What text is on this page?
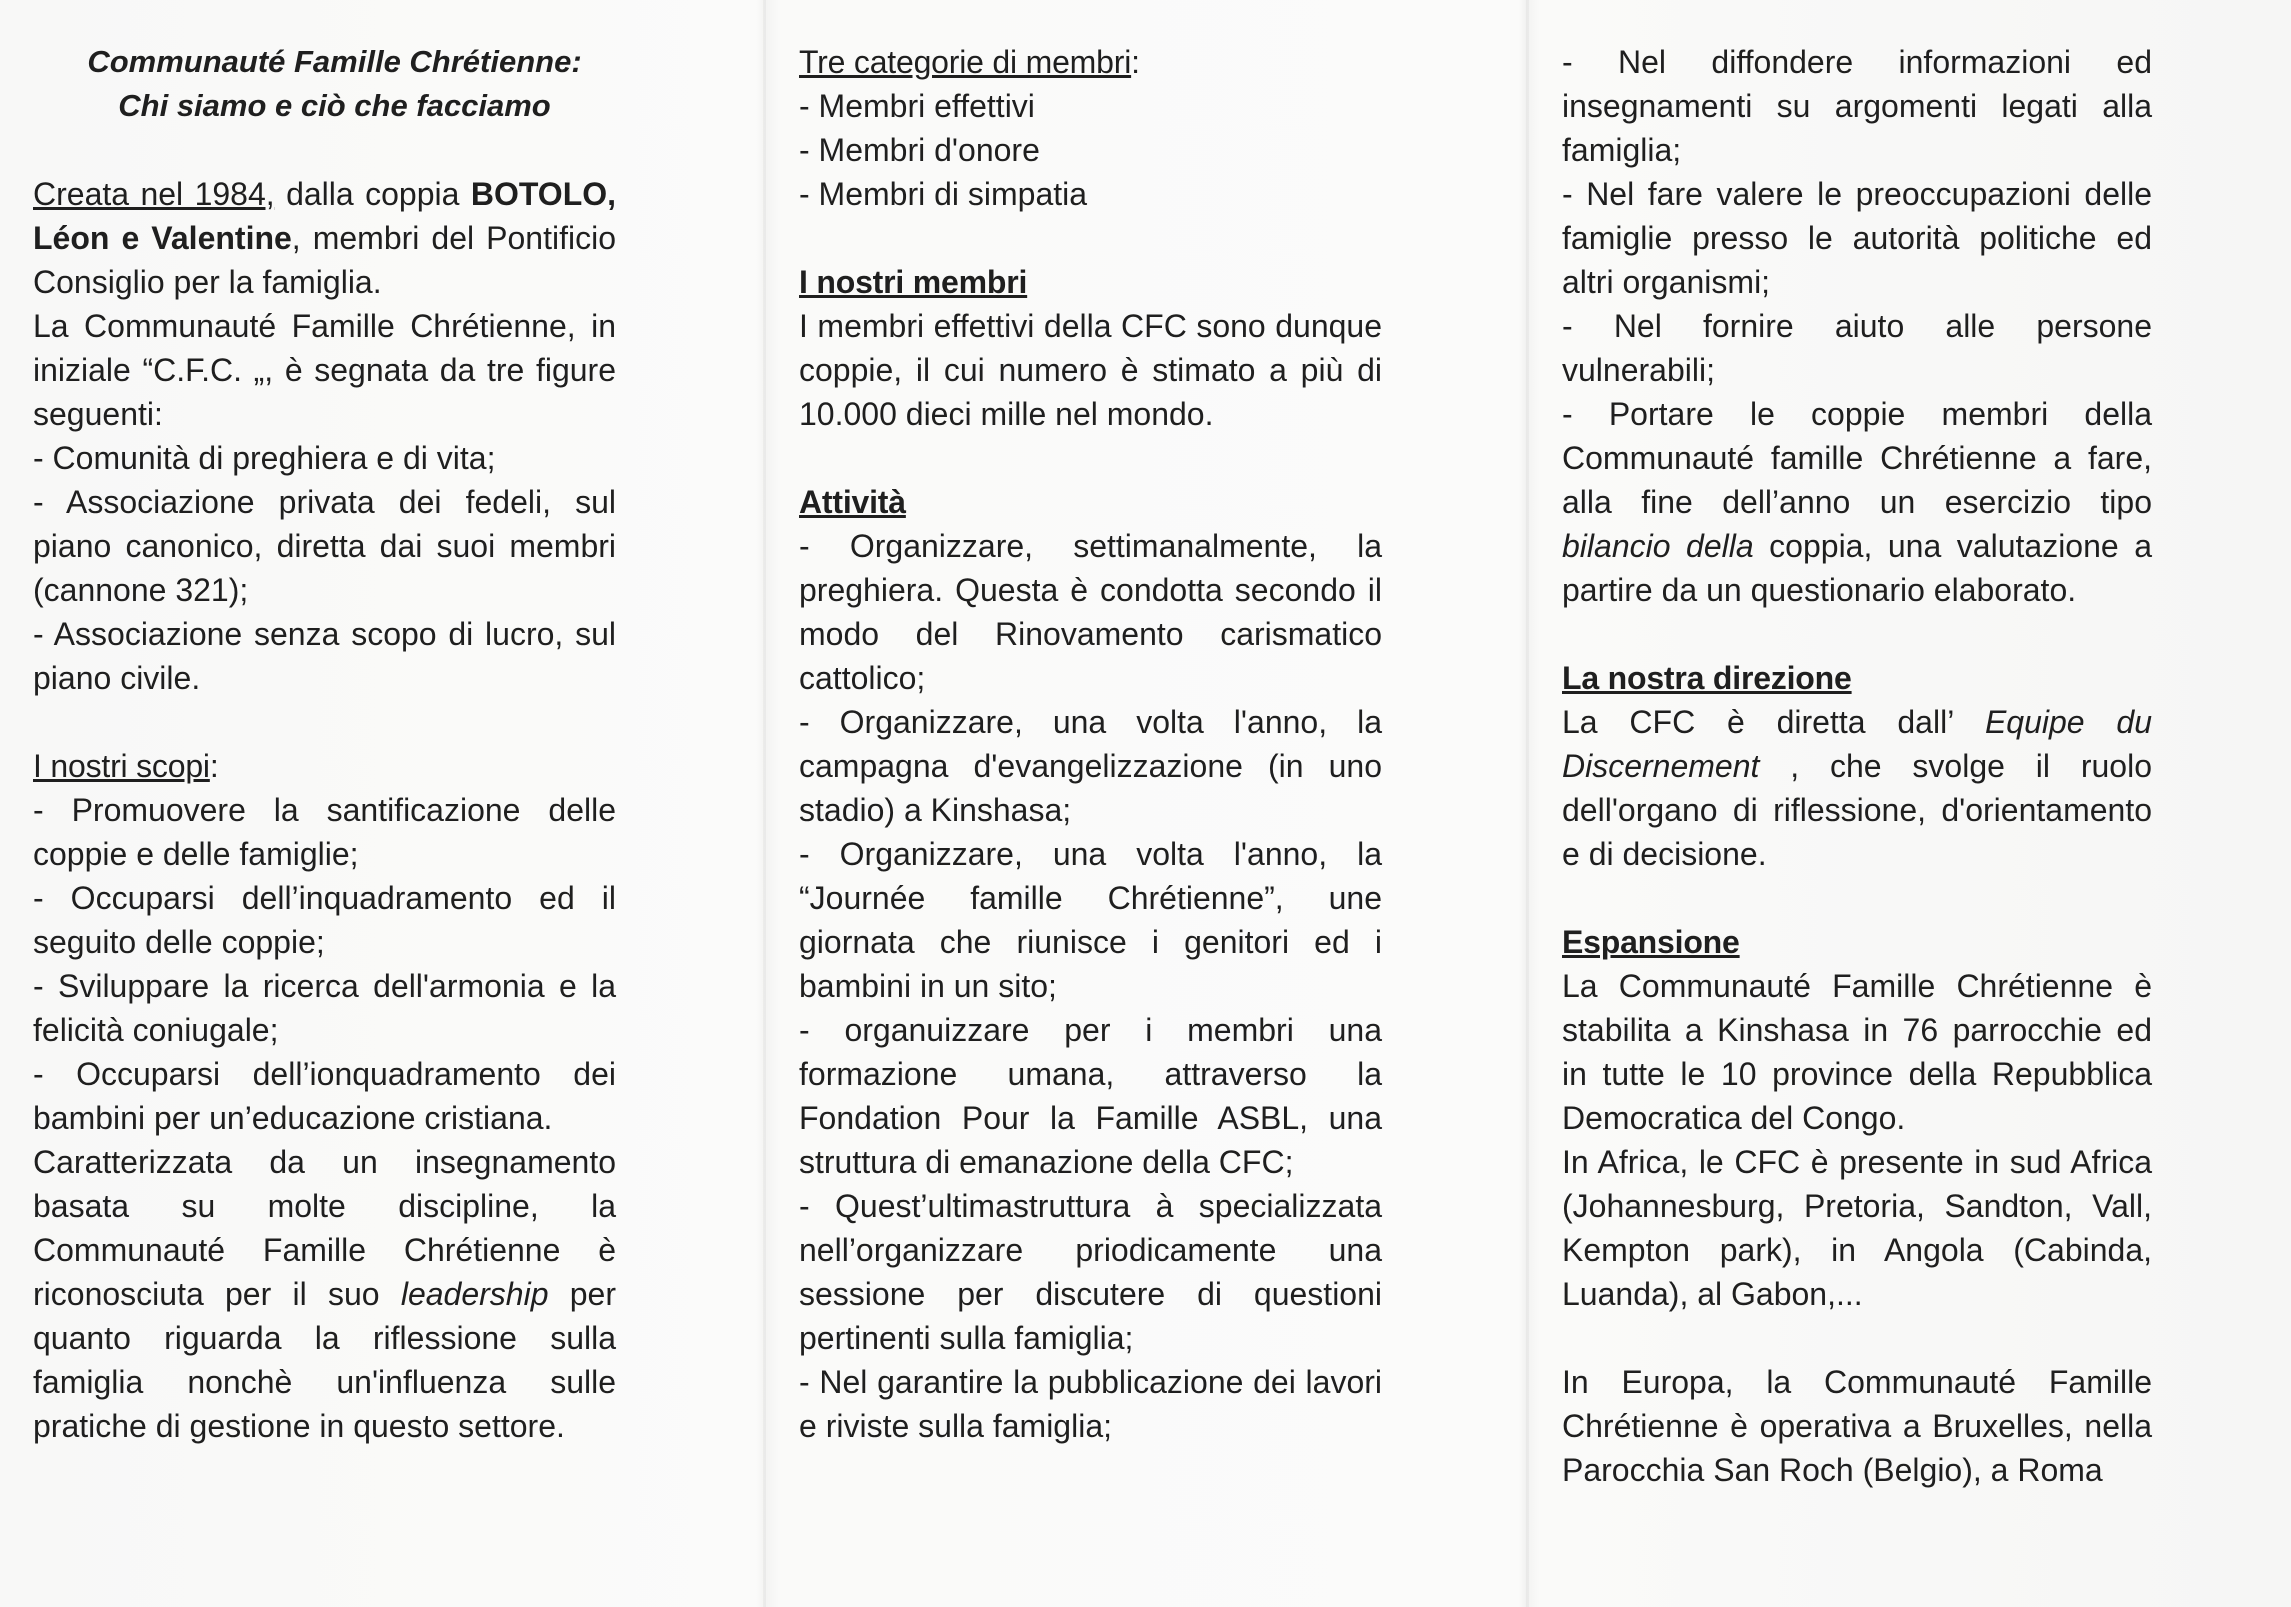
Communauté Famille Chrétienne:

Chi siamo e ciò che facciamo

Creata nel 1984, dalla coppia BOTOLO, Léon e Valentine, membri del Pontificio Consiglio per la famiglia.

La Communauté Famille Chrétienne, in iniziale “C.F.C. „, è segnata da tre figure seguenti:

- Comunità di preghiera e di vita;

- Associazione privata dei fedeli, sul piano canonico, diretta dai suoi membri (cannone 321);

- Associazione senza scopo di lucro, sul piano civile.

I nostri scopi:

- Promuovere la santificazione delle coppie e delle famiglie;

- Occuparsi dell’inquadramento ed il seguito delle coppie;

- Sviluppare la ricerca dell'armonia e la felicità coniugale;

- Occuparsi dell’ionquadramento dei bambini per un’educazione cristiana.

Caratterizzata da un insegnamento basata su molte discipline, la Communauté Famille Chrétienne è riconosciuta per il suo leadership per quanto riguarda la riflessione sulla famiglia nonchè un'influenza sulle pratiche di gestione in questo settore.

Tre categorie di membri:

- Membri effettivi

- Membri d'onore

- Membri di simpatia

I nostri membri

I membri effettivi della CFC sono dunque coppie, il cui numero è stimato a più di 10.000 dieci mille nel mondo.

Attività

- Organizzare, settimanalmente, la preghiera. Questa è condotta secondo il modo del Rinovamento carismatico cattolico;

- Organizzare, una volta l'anno, la campagna d'evangelizzazione (in uno stadio) a Kinshasa;

- Organizzare, una volta l'anno, la “Journée famille Chrétienne”, une giornata che riunisce i genitori ed i bambini in un sito;

- organuizzare per i membri una formazione umana, attraverso la Fondation Pour la Famille ASBL, una struttura di emanazione della CFC;

- Quest’ultimastruttura à specializzata nell’organizzare priodicamente una sessione per discutere di questioni pertinenti sulla famiglia;

- Nel garantire la pubblicazione dei lavori e riviste sulla famiglia;

- Nel diffondere informazioni ed insegnamenti su argomenti legati alla famiglia;

- Nel fare valere le preoccupazioni delle famiglie presso le autorità politiche ed altri organismi;

- Nel fornire aiuto alle persone vulnerabili;

- Portare le coppie membri della Communauté famille Chrétienne a fare, alla fine dell’anno un esercizio tipo bilancio della coppia, una valutazione a partire da un questionario elaborato.

La nostra direzione

La CFC è diretta dall’ Equipe du Discernement , che svolge il ruolo dell'organo di riflessione, d'orientamento e di decisione.

Espansione

La Communauté Famille Chrétienne è stabilita a Kinshasa in 76 parrocchie ed in tutte le 10 province della Repubblica Democratica del Congo.

In Africa, le CFC è presente in sud Africa (Johannesburg, Pretoria, Sandton, Vall, Kempton park), in Angola (Cabinda, Luanda), al Gabon,...

In Europa, la Communauté Famille Chrétienne è operativa a Bruxelles, nella Parocchia San Roch (Belgio), a Roma
